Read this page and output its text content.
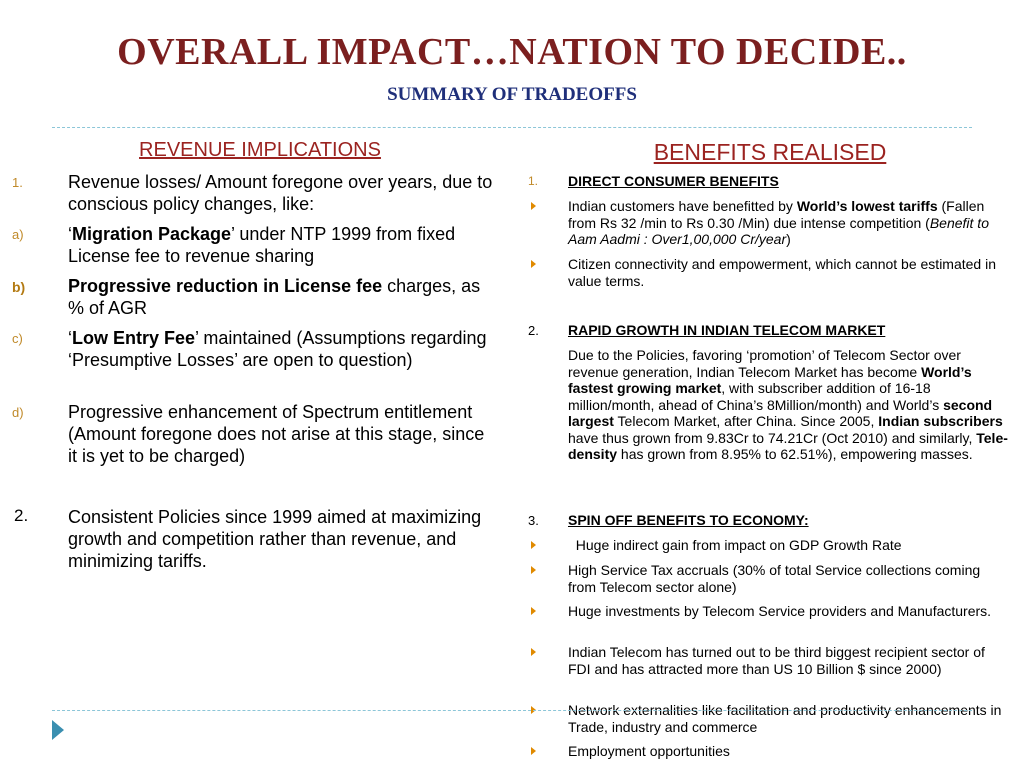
OVERALL IMPACT…NATION TO DECIDE..
SUMMARY OF TRADEOFFS
REVENUE IMPLICATIONS
1.	Revenue losses/ Amount foregone over years, due to conscious policy changes, like:
a) ‘Migration Package’ under NTP 1999 from fixed License fee to revenue sharing
b) Progressive reduction in License fee charges, as % of AGR
c)	‘Low Entry Fee’ maintained (Assumptions regarding ‘Presumptive Losses’ are open to question)
d) Progressive enhancement of Spectrum entitlement (Amount foregone does not arise at this stage, since it is yet to be charged)
2. Consistent Policies since 1999 aimed at maximizing growth and competition rather than revenue, and minimizing tariffs.
BENEFITS REALISED
1. DIRECT CONSUMER BENEFITS
Indian customers have benefitted by World’s lowest tariffs (Fallen from Rs 32 /min to Rs 0.30 /Min) due intense competition (Benefit to Aam Aadmi : Over1,00,000 Cr/year)
Citizen connectivity and empowerment, which cannot be estimated in value terms.
2. RAPID GROWTH IN INDIAN TELECOM MARKET
Due to the Policies, favoring ‘promotion’ of Telecom Sector over revenue generation, Indian Telecom Market has become World’s fastest growing market, with subscriber addition of 16-18 million/month, ahead of China’s 8Million/month) and World’s second largest Telecom Market, after China. Since 2005, Indian subscribers have thus grown from 9.83Cr to 74.21Cr (Oct 2010) and similarly, Tele-density has grown from 8.95% to 62.51%), empowering masses.
3. SPIN OFF BENEFITS TO ECONOMY:
Huge indirect gain from impact on GDP Growth Rate
High Service Tax accruals (30% of total Service collections coming from Telecom sector alone)
Huge investments by Telecom Service providers and Manufacturers.
Indian Telecom has turned out to be third biggest recipient sector of FDI and has attracted more than US 10 Billion $ since 2000)
Network externalities like facilitation and productivity enhancements in Trade, industry and commerce
Employment opportunities
